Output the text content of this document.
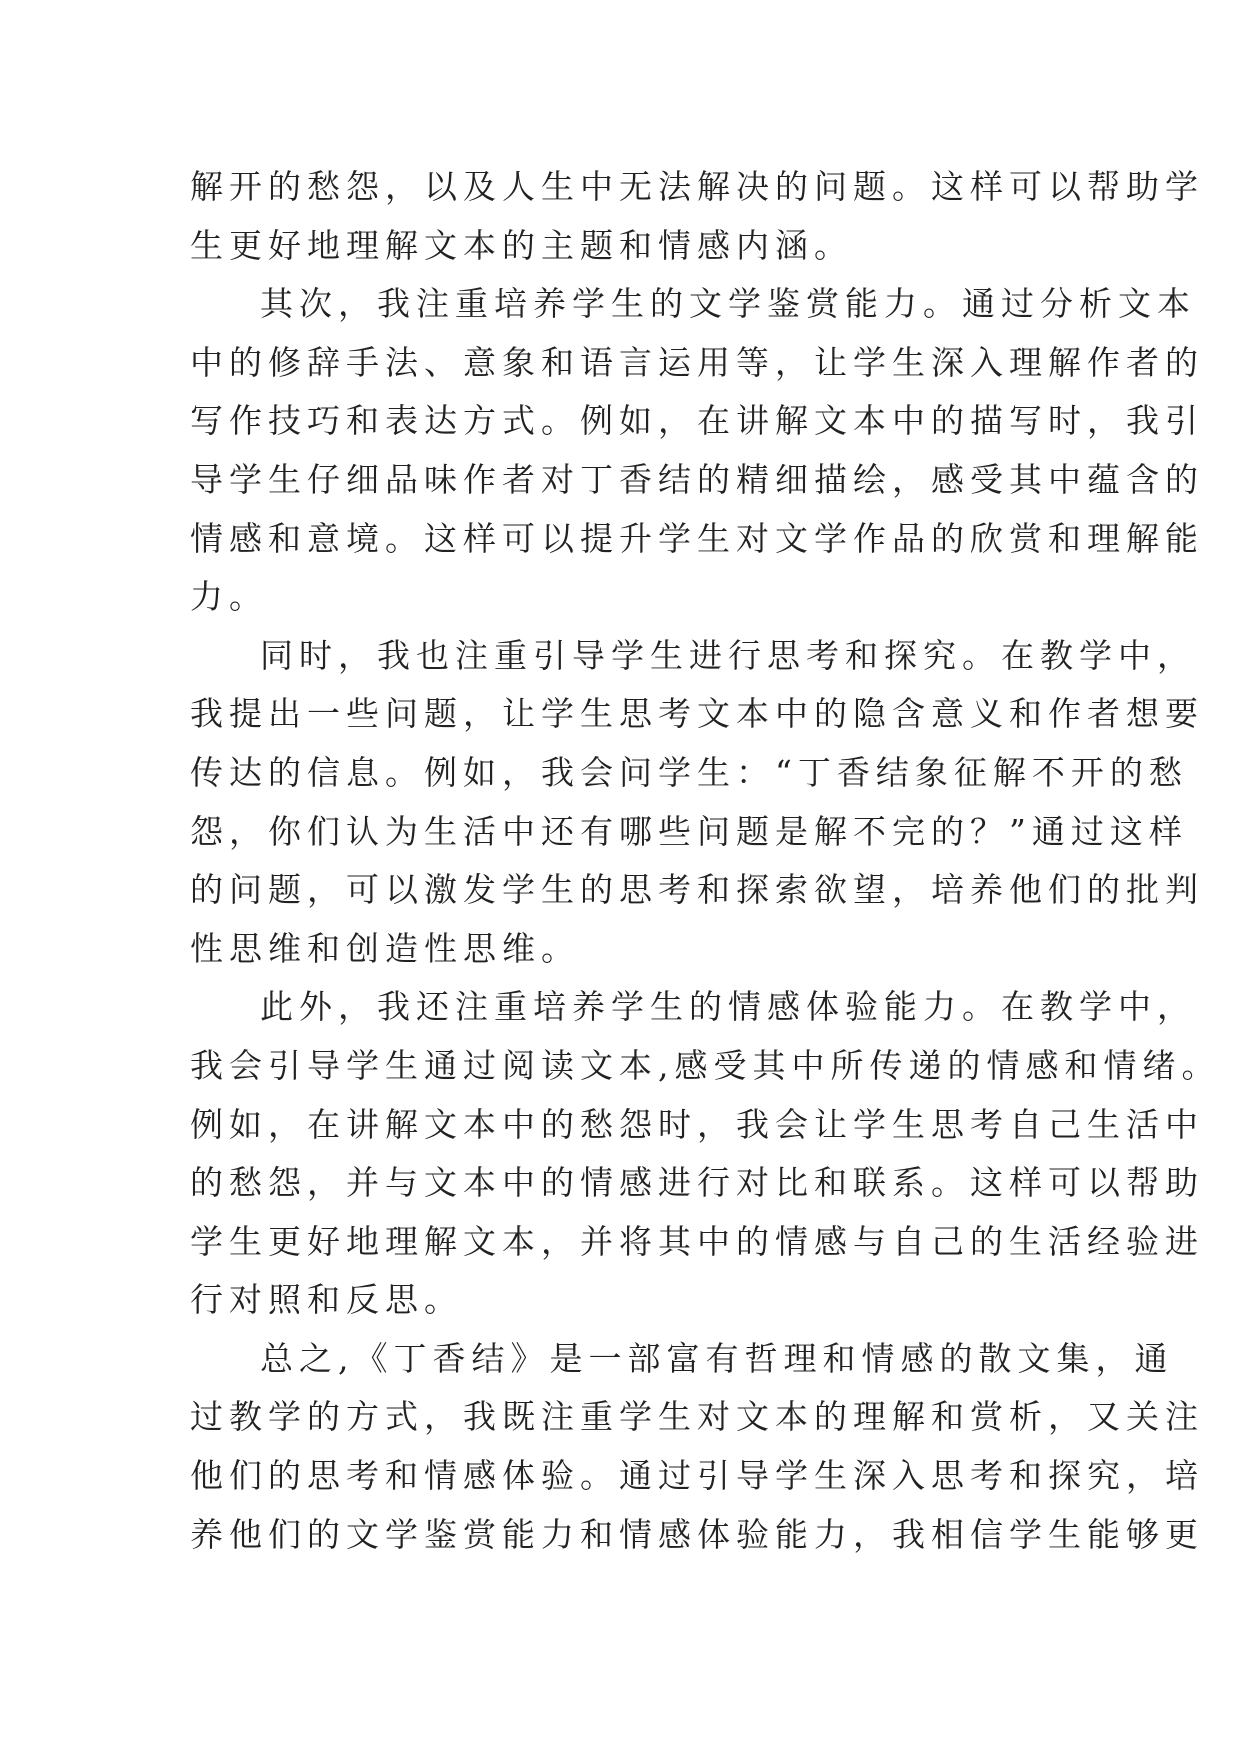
解 开 的 愁 怨 ， 以 及 人 生 中 无 法 解 决 的 问 题 。 这 样 可 以 帮 助 学
生更好地理解文本的主题和情感内涵。
其 次 ， 我 注 重 培 养 学 生 的 文 学 鉴 赏 能 力 。 通 过 分 析 文 本
中 的 修 辞 手 法 、 意 象 和 语 言 运 用 等 ， 让 学 生 深 入 理 解 作 者 的
写 作 技 巧 和 表 达 方 式 。 例 如 ， 在 讲 解 文 本 中 的 描 写 时 ， 我 引
导 学 生 仔 细 品 味 作 者 对 丁 香 结 的 精 细 描 绘 ， 感 受 其 中 蕴 含 的
情 感 和 意 境 。 这 样 可 以 提 升 学 生 对 文 学 作 品 的 欣 赏 和 理 解 能
力。
同 时 ， 我 也 注 重 引 导 学 生 进 行 思 考 和 探 究 。 在 教 学 中 ，
我 提 出 一 些 问 题 ， 让 学 生 思 考 文 本 中 的 隐 含 意 义 和 作 者 想 要
传 达 的 信 息 。 例 如 ， 我 会 问 学 生 ： “ 丁 香 结 象 征 解 不 开 的 愁
怨 ， 你 们 认 为 生 活 中 还 有 哪 些 问 题 是 解 不 完 的 ？ ” 通 过 这 样
的 问 题 ， 可 以 激 发 学 生 的 思 考 和 探 索 欲 望 ， 培 养 他 们 的 批 判
性思维和创造性思维。
此 外 ， 我 还 注 重 培 养 学 生 的 情 感 体 验 能 力 。 在 教 学 中 ，
我 会 引 导 学 生 通 过 阅 读 文 本 , 感 受 其 中 所 传 递 的 情 感 和 情 绪 。
例 如 ， 在 讲 解 文 本 中 的 愁 怨 时 ， 我 会 让 学 生 思 考 自 己 生 活 中
的 愁 怨 ， 并 与 文 本 中 的 情 感 进 行 对 比 和 联 系 。 这 样 可 以 帮 助
学 生 更 好 地 理 解 文 本 ， 并 将 其 中 的 情 感 与 自 己 的 生 活 经 验 进
行对照和反思。
总 之 , 《 丁 香 结 》 是 一 部 富 有 哲 理 和 情 感 的 散 文 集 ， 通
过 教 学 的 方 式 ， 我 既 注 重 学 生 对 文 本 的 理 解 和 赏 析 ， 又 关 注
他 们 的 思 考 和 情 感 体 验 。 通 过 引 导 学 生 深 入 思 考 和 探 究 ， 培
养 他 们 的 文 学 鉴 赏 能 力 和 情 感 体 验 能 力 ， 我 相 信 学 生 能 够 更
